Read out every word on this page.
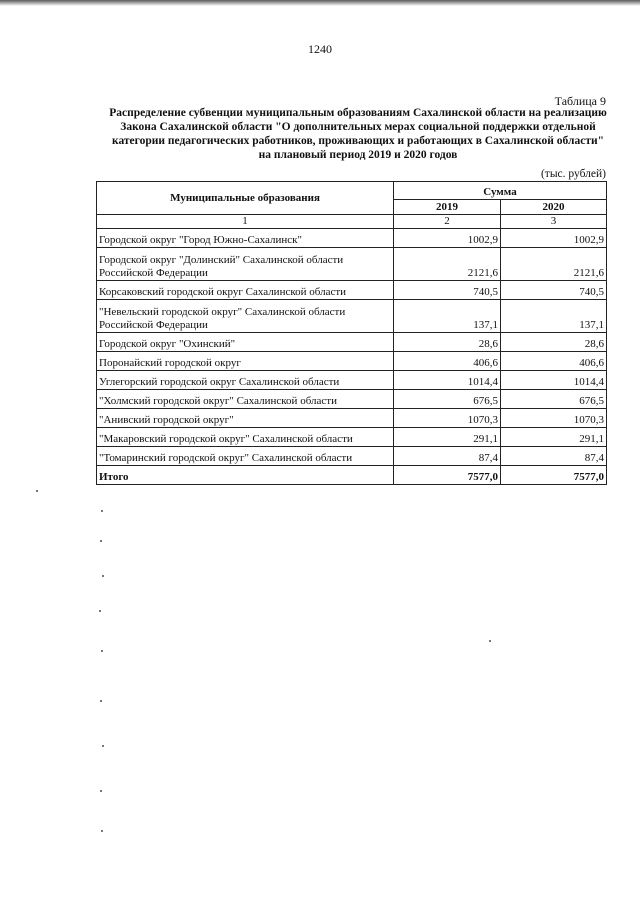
1240
Таблица 9
Распределение субвенции муниципальным образованиям Сахалинской области на реализацию Закона Сахалинской области "О дополнительных мерах социальной поддержки отдельной категории педагогических работников, проживающих и работающих в Сахалинской области" на плановый период 2019 и 2020 годов
(тыс. рублей)
Муниципальные образования	Сумма	
	2019	2020
1	2	3
Городской округ "Город Южно-Сахалинск"	1002,9	1002,9
Городской округ "Долинский" Сахалинской области Российской Федерации	2121,6	2121,6
Корсаковский городской округ Сахалинской области	740,5	740,5
"Невельский городской округ" Сахалинской области Российской Федерации	137,1	137,1
Городской округ "Охинский"	28,6	28,6
Поронайский городской округ	406,6	406,6
Углегорский городской округ Сахалинской области	1014,4	1014,4
"Холмский городской округ" Сахалинской области	676,5	676,5
"Анивский городской округ"	1070,3	1070,3
"Макаровский городской округ" Сахалинской области	291,1	291,1
"Томаринский городской округ" Сахалинской области	87,4	87,4
Итого	7577,0	7577,0
